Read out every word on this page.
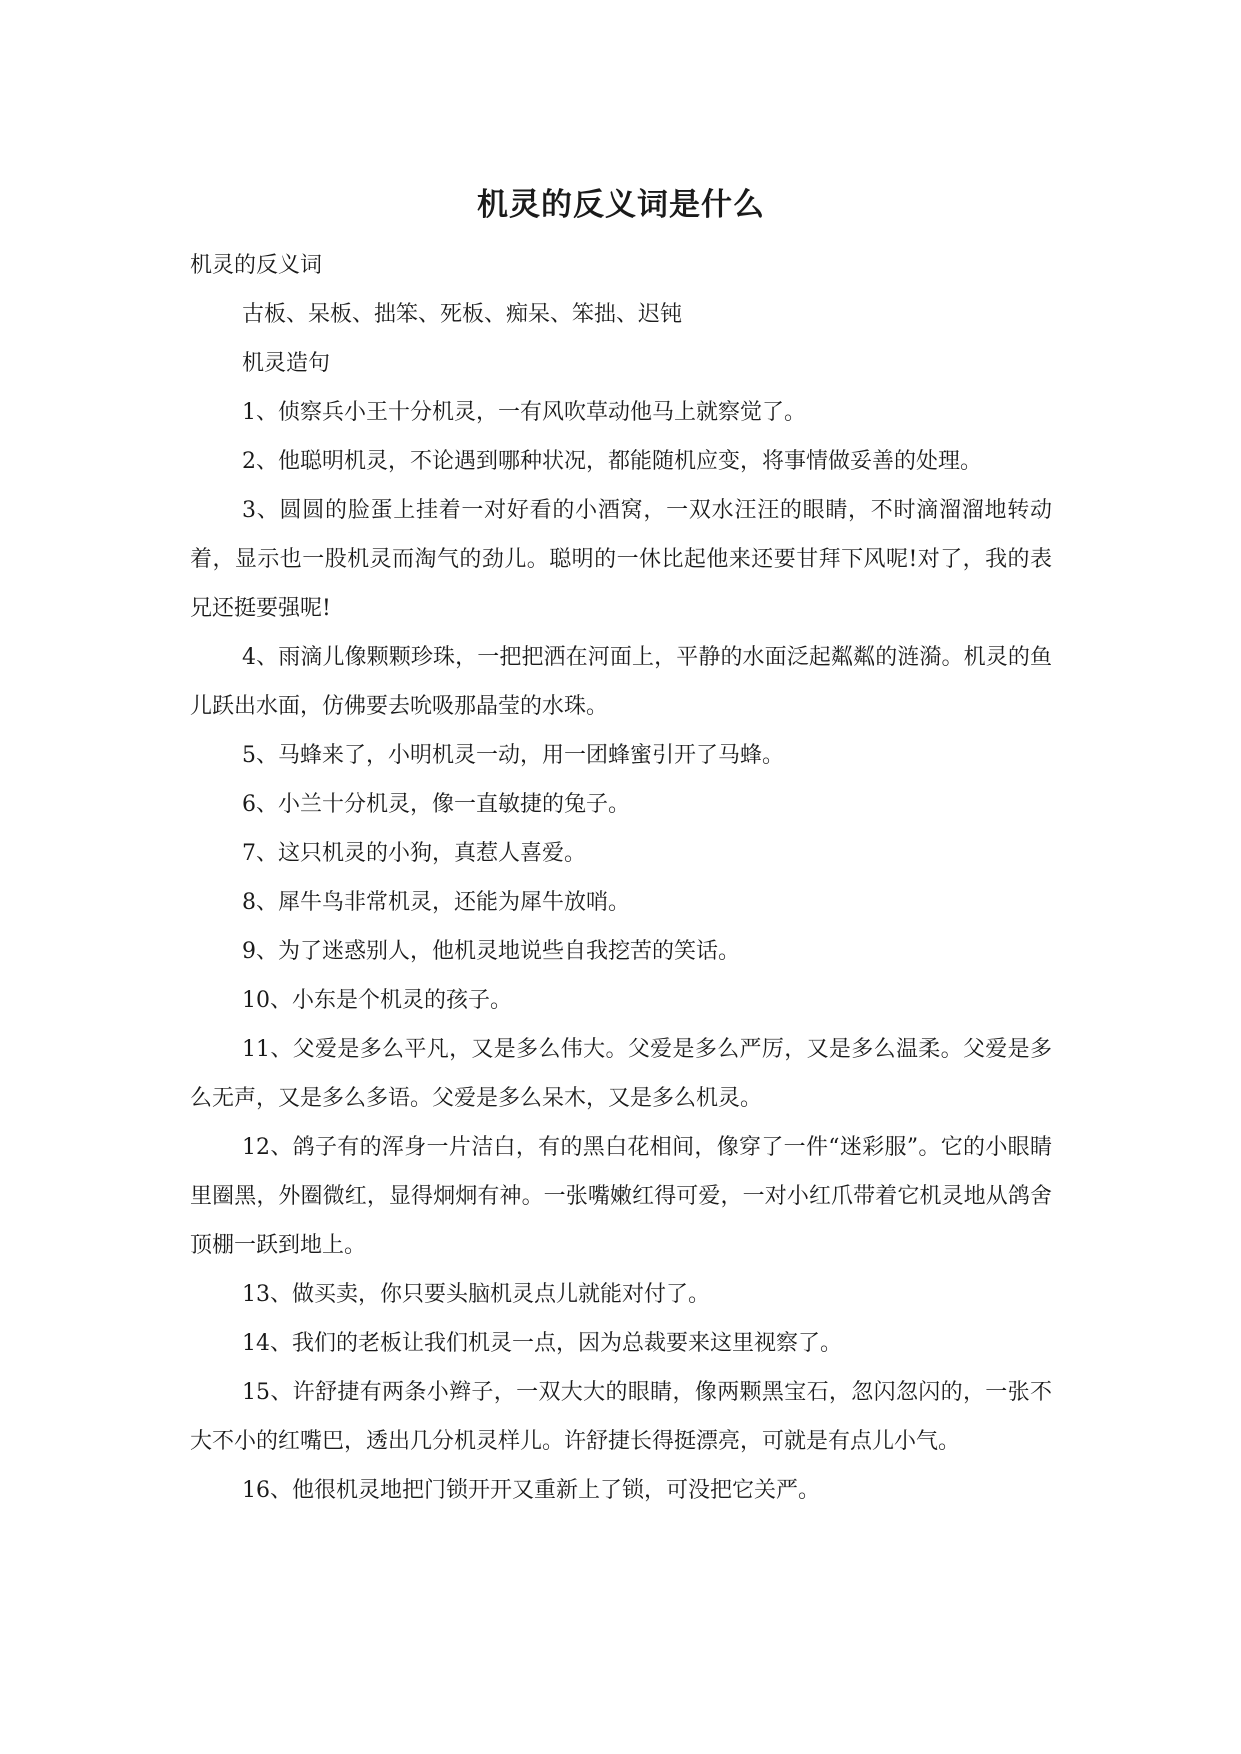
机灵的反义词是什么

机灵的反义词

古板、呆板、拙笨、死板、痴呆、笨拙、迟钝

机灵造句

1、侦察兵小王十分机灵，一有风吹草动他马上就察觉了。

2、他聪明机灵，不论遇到哪种状况，都能随机应变，将事情做妥善的处理。

3、圆圆的脸蛋上挂着一对好看的小酒窝，一双水汪汪的眼睛，不时滴溜溜地转动着，显示也一股机灵而淘气的劲儿。聪明的一休比起他来还要甘拜下风呢!对了，我的表兄还挺要强呢!

4、雨滴儿像颗颗珍珠，一把把洒在河面上，平静的水面泛起粼粼的涟漪。机灵的鱼儿跃出水面，仿佛要去吮吸那晶莹的水珠。

5、马蜂来了，小明机灵一动，用一团蜂蜜引开了马蜂。

6、小兰十分机灵，像一直敏捷的兔子。

7、这只机灵的小狗，真惹人喜爱。

8、犀牛鸟非常机灵，还能为犀牛放哨。

9、为了迷惑别人，他机灵地说些自我挖苦的笑话。

10、小东是个机灵的孩子。

11、父爱是多么平凡，又是多么伟大。父爱是多么严厉，又是多么温柔。父爱是多么无声，又是多么多语。父爱是多么呆木，又是多么机灵。

12、鸽子有的浑身一片洁白，有的黑白花相间，像穿了一件“迷彩服”。它的小眼睛里圈黑，外圈微红，显得炯炯有神。一张嘴嫩红得可爱，一对小红爪带着它机灵地从鸽舍顶棚一跃到地上。

13、做买卖，你只要头脑机灵点儿就能对付了。

14、我们的老板让我们机灵一点，因为总裁要来这里视察了。

15、许舒捷有两条小辫子，一双大大的眼睛，像两颗黑宝石，忽闪忽闪的，一张不大不小的红嘴巴，透出几分机灵样儿。许舒捷长得挺漂亮，可就是有点儿小气。

16、他很机灵地把门锁开开又重新上了锁，可没把它关严。
